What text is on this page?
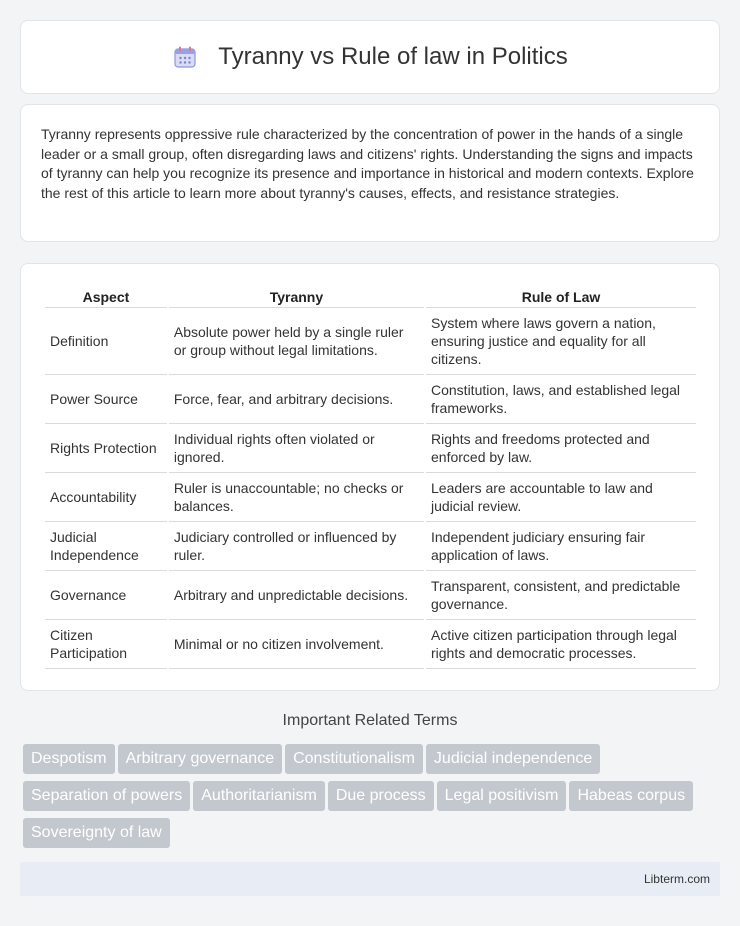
Tyranny vs Rule of law in Politics

Tyranny represents oppressive rule characterized by the concentration of power in the hands of a single leader or a small group, often disregarding laws and citizens' rights. Understanding the signs and impacts of tyranny can help you recognize its presence and importance in historical and modern contexts. Explore the rest of this article to learn more about tyranny's causes, effects, and resistance strategies.

Aspect	Tyranny	Rule of Law
Definition	Absolute power held by a single ruler or group without legal limitations.	System where laws govern a nation, ensuring justice and equality for all citizens.
Power Source	Force, fear, and arbitrary decisions.	Constitution, laws, and established legal frameworks.
Rights Protection	Individual rights often violated or ignored.	Rights and freedoms protected and enforced by law.
Accountability	Ruler is unaccountable; no checks or balances.	Leaders are accountable to law and judicial review.
Judicial Independence	Judiciary controlled or influenced by ruler.	Independent judiciary ensuring fair application of laws.
Governance	Arbitrary and unpredictable decisions.	Transparent, consistent, and predictable governance.
Citizen Participation	Minimal or no citizen involvement.	Active citizen participation through legal rights and democratic processes.
Important Related Terms
Despotism Arbitrary governance Constitutionalism Judicial independence
Separation of powers Authoritarianism Due process Legal positivism Habeas corpus
Sovereignty of law
Libterm.com
